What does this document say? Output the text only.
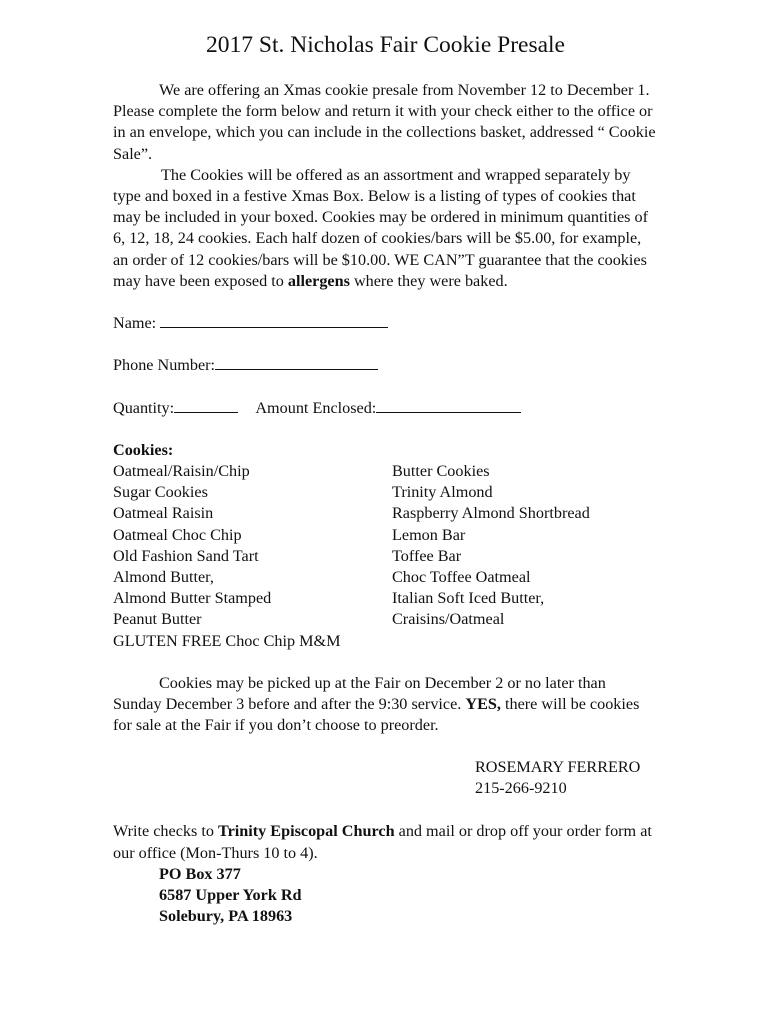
2017 St. Nicholas Fair Cookie Presale

We are offering an Xmas cookie presale from November 12 to December 1. Please complete the form below and return it with your check either to the office or in an envelope, which you can include in the collections basket, addressed “ Cookie Sale”.

The Cookies will be offered as an assortment and wrapped separately by type and boxed in a festive Xmas Box. Below is a listing of types of cookies that may be included in your boxed. Cookies may be ordered in minimum quantities of 6, 12, 18, 24 cookies. Each half dozen of cookies/bars will be $5.00, for example, an order of 12 cookies/bars will be $10.00. WE CAN”T guarantee that the cookies may have been exposed to allergens where they were baked.

Name:
Phone Number:
Quantity:	Amount Enclosed:
Cookies:
Oatmeal/Raisin/Chip
Sugar Cookies
Oatmeal Raisin
Oatmeal Choc Chip
Old Fashion Sand Tart
Almond Butter,
Almond Butter Stamped
Peanut Butter
GLUTEN FREE Choc Chip M&M
Butter Cookies
Trinity Almond
Raspberry Almond Shortbread
Lemon Bar
Toffee Bar
Choc Toffee Oatmeal
Italian Soft Iced Butter,
Craisins/Oatmeal

Cookies may be picked up at the Fair on December 2 or no later than Sunday December 3 before and after the 9:30 service. YES, there will be cookies for sale at the Fair if you don’t choose to preorder.

ROSEMARY FERRERO
215-266-9210

Write checks to Trinity Episcopal Church and mail or drop off your order form at our office (Mon-Thurs 10 to 4).

PO Box 377
6587 Upper York Rd
Solebury, PA 18963
